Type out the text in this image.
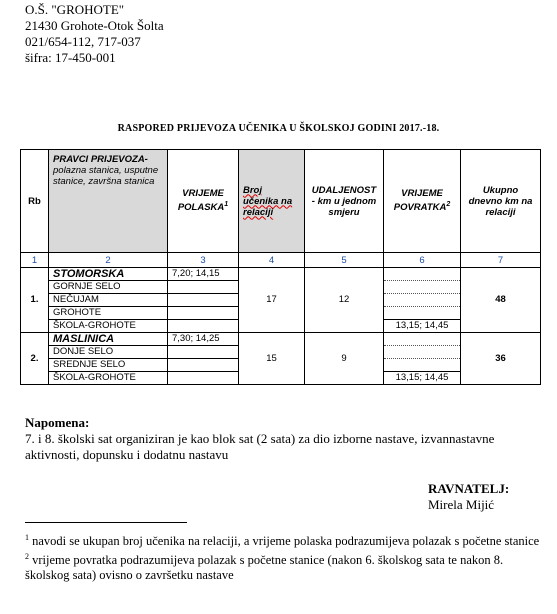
O.Š. "GROHOTE"
21430 Grohote-Otok Šolta
021/654-112, 717-037
šifra: 17-450-001
RASPORED PRIJEVOZA UČENIKA U ŠKOLSKOJ GODINI 2017.-18.
Rb	PRAVCI PRIJEVOZA- polazna stanica, usputne stanice, završna stanica	VRIJEME POLASKA$^1$	Broj učenika na relaciji	UDALJENOST - km u jednom smjeru	VRIJEME POVRATKA$^2$	Ukupno dnevno km na relaciji
1	2	3	4	5	6	7
1.	STOMORSKA	7,20; 14,15	17	12		48
	GORNJE SELO					
	NEČUJAM					
	GROHOTE					
	ŠKOLA-GROHOTE				13,15; 14,45	
2.	MASLINICA	7,30; 14,25	15	9		36
	DONJE SELO					
	SREDNJE SELO					
	ŠKOLA-GROHOTE				13,15; 14,45	
Napomena:
7. i 8. školski sat organiziran je kao blok sat (2 sata) za dio izborne nastave, izvannastavne aktivnosti, dopunsku i dodatnu nastavu
RAVNATELJ:
Mirela Mijić
$^1$ navodi se ukupan broj učenika na relaciji, a vrijeme polaska podrazumijeva polazak s početne stanice
$^2$ vrijeme povratka podrazumijeva polazak s početne stanice (nakon 6. školskog sata te nakon 8. školskog sata) ovisno o završetku nastave
